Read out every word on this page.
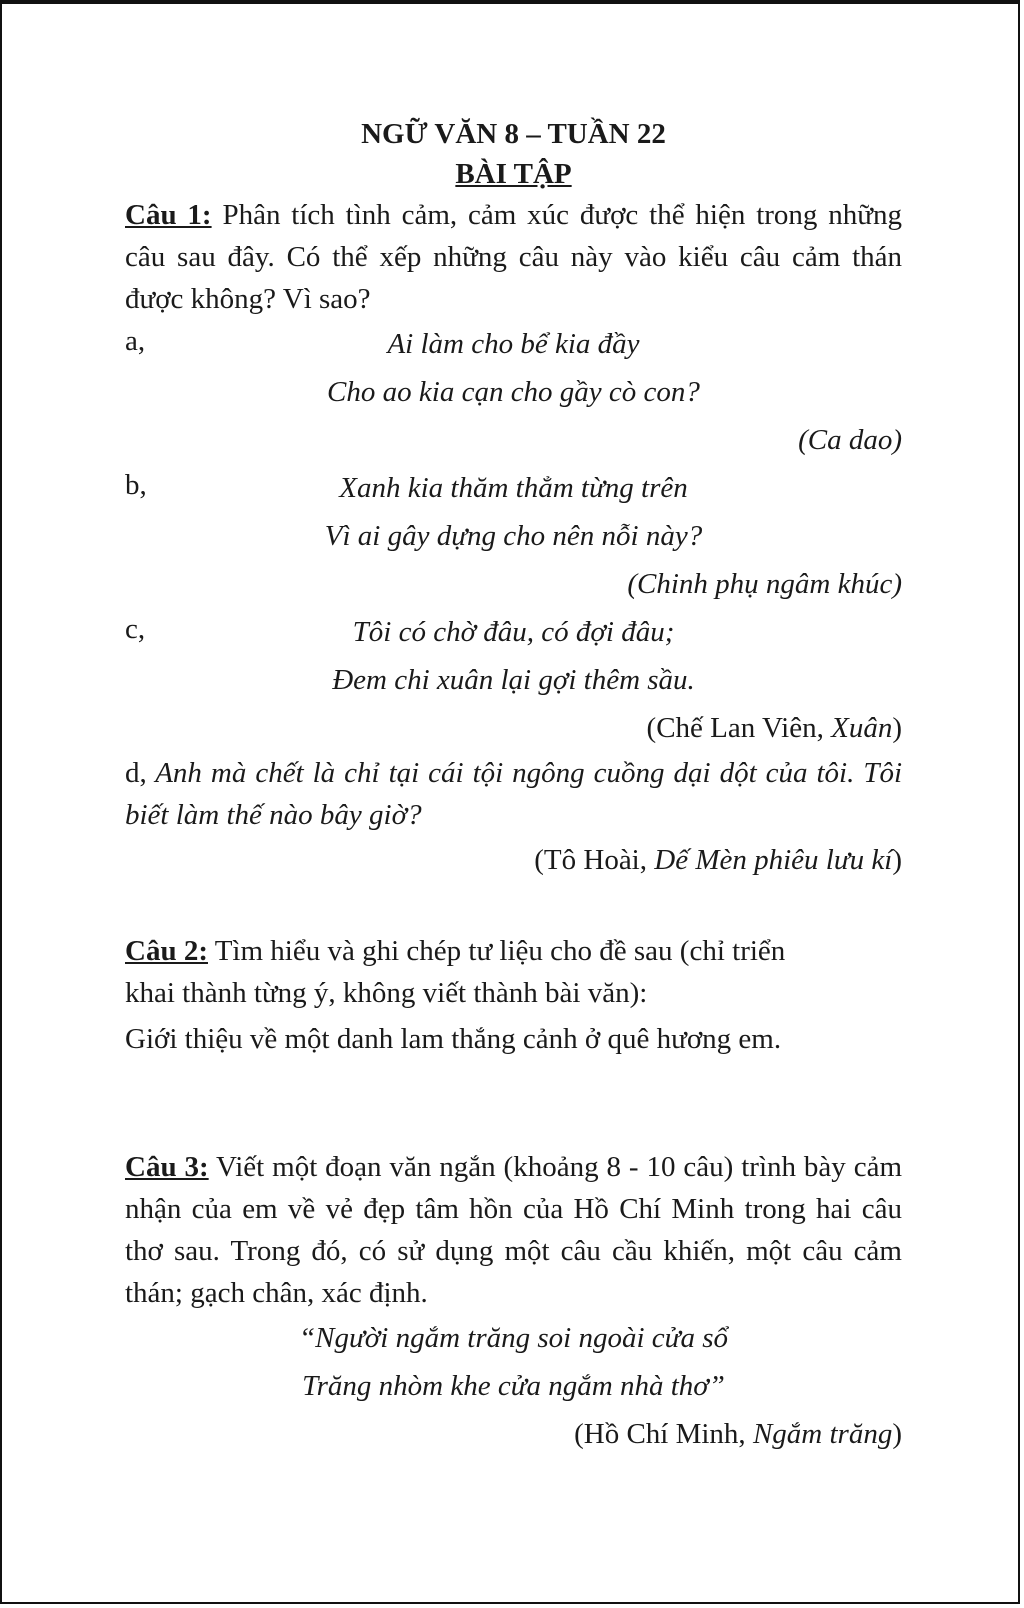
NGỮ VĂN 8 – TUẦN 22
BÀI TẬP
Câu 1: Phân tích tình cảm, cảm xúc được thể hiện trong những câu sau đây. Có thể xếp những câu này vào kiểu câu cảm thán được không? Vì sao?
a,	Ai làm cho bể kia đầy
Cho ao kia cạn cho gầy cò con?
(Ca dao)
b,	Xanh kia thăm thẳm từng trên
Vì ai gây dựng cho nên nỗi này?
(Chinh phụ ngâm khúc)
c,	Tôi có chờ đâu, có đợi đâu;
Đem chi xuân lại gợi thêm sầu.
(Chế Lan Viên, Xuân)
d, Anh mà chết là chỉ tại cái tội ngông cuồng dại dột của tôi. Tôi biết làm thế nào bây giờ?
(Tô Hoài, Dế Mèn phiêu lưu kí)
Câu 2: Tìm hiểu và ghi chép tư liệu cho đề sau (chỉ triển khai thành từng ý, không viết thành bài văn):
Giới thiệu về một danh lam thắng cảnh ở quê hương em.
Câu 3: Viết một đoạn văn ngắn (khoảng 8 - 10 câu) trình bày cảm nhận của em về vẻ đẹp tâm hồn của Hồ Chí Minh trong hai câu thơ sau. Trong đó, có sử dụng một câu cầu khiến, một câu cảm thán; gạch chân, xác định.
“Người ngắm trăng soi ngoài cửa sổ
Trăng nhòm khe cửa ngắm nhà thơ”
(Hồ Chí Minh, Ngắm trăng)
